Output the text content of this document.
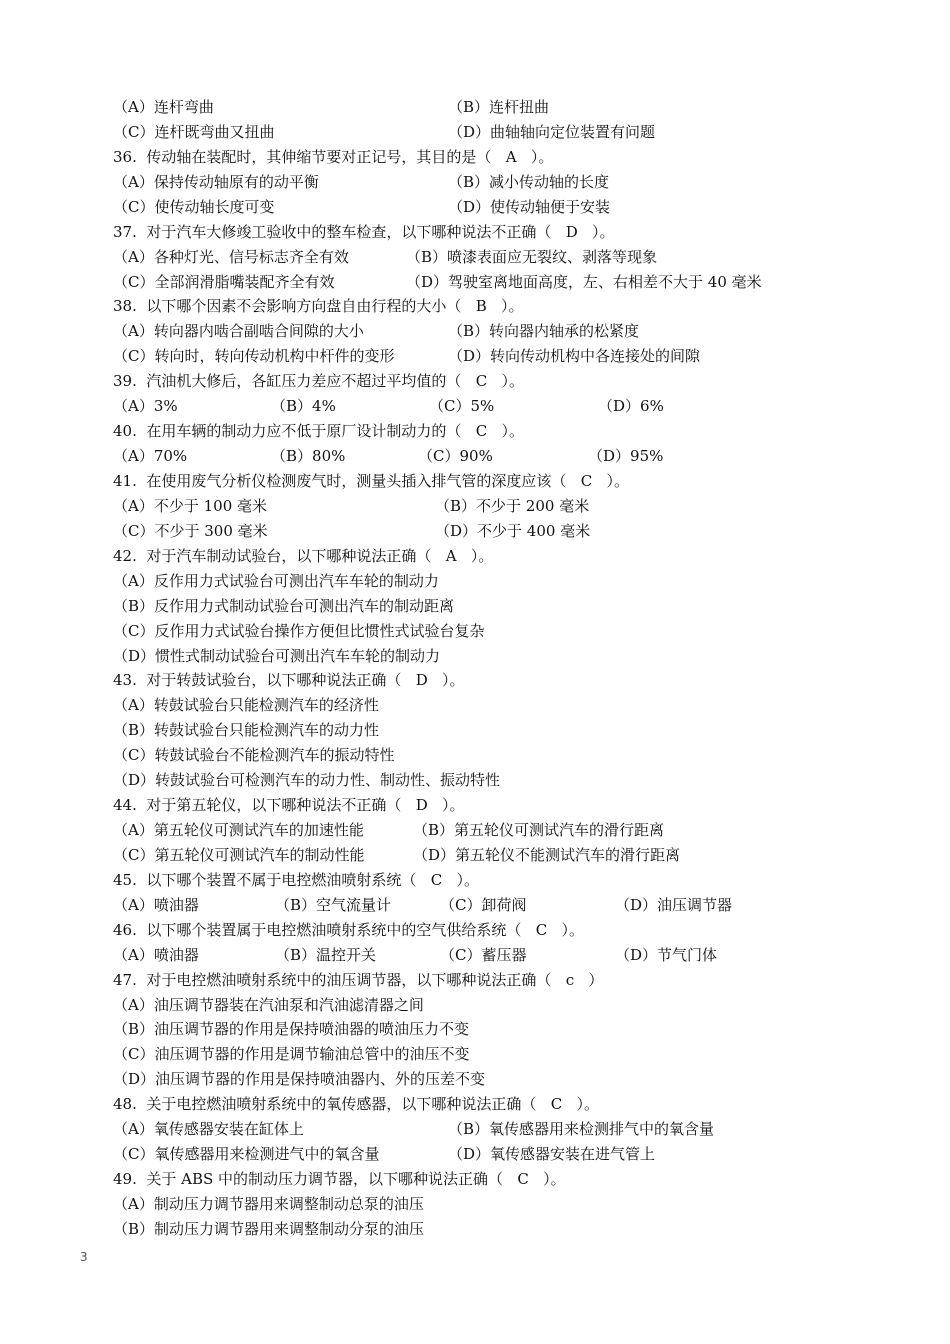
（A）连杆弯曲	（B）连杆扭曲
（C）连杆既弯曲又扭曲	（D）曲轴轴向定位装置有问题
36.  传动轴在装配时，其伸缩节要对正记号，其目的是（   A   ）。
（A）保持传动轴原有的动平衡	（B）减小传动轴的长度
（C）使传动轴长度可变	（D）使传动轴便于安装
37.  对于汽车大修竣工验收中的整车检查，以下哪种说法不正确（   D   ）。
（A）各种灯光、信号标志齐全有效	（B）喷漆表面应无裂纹、剥落等现象
（C）全部润滑脂嘴装配齐全有效	（D）驾驶室离地面高度，左、右相差不大于 40 毫米
38.  以下哪个因素不会影响方向盘自由行程的大小（   B   ）。
（A）转向器内啮合副啮合间隙的大小	（B）转向器内轴承的松紧度
（C）转向时，转向传动机构中杆件的变形	（D）转向传动机构中各连接处的间隙
39.  汽油机大修后，各缸压力差应不超过平均值的（   C   ）。
（A）3%	（B）4%	（C）5%	（D）6%
40.  在用车辆的制动力应不低于原厂设计制动力的（   C   ）。
（A）70%	（B）80%	（C）90%	（D）95%
41.  在使用废气分析仪检测废气时，测量头插入排气管的深度应该（   C   ）。
（A）不少于 100 毫米	（B）不少于 200 毫米
（C）不少于 300 毫米	（D）不少于 400 毫米
42.  对于汽车制动试验台，以下哪种说法正确（   A   ）。
（A）反作用力式试验台可测出汽车车轮的制动力
（B）反作用力式制动试验台可测出汽车的制动距离
（C）反作用力式试验台操作方便但比惯性式试验台复杂
（D）惯性式制动试验台可测出汽车车轮的制动力
43.  对于转鼓试验台，以下哪种说法正确（   D   ）。
（A）转鼓试验台只能检测汽车的经济性
（B）转鼓试验台只能检测汽车的动力性
（C）转鼓试验台不能检测汽车的振动特性
（D）转鼓试验台可检测汽车的动力性、制动性、振动特性
44.  对于第五轮仪，以下哪种说法不正确（   D   ）。
（A）第五轮仪可测试汽车的加速性能	（B）第五轮仪可测试汽车的滑行距离
（C）第五轮仪可测试汽车的制动性能	（D）第五轮仪不能测试汽车的滑行距离
45.  以下哪个装置不属于电控燃油喷射系统（   C   ）。
（A）喷油器	（B）空气流量计	（C）卸荷阀	（D）油压调节器
46.  以下哪个装置属于电控燃油喷射系统中的空气供给系统（   C   ）。
（A）喷油器	（B）温控开关	（C）蓄压器	（D）节气门体
47.  对于电控燃油喷射系统中的油压调节器，以下哪种说法正确（   c   ）
（A）油压调节器装在汽油泵和汽油滤清器之间
（B）油压调节器的作用是保持喷油器的喷油压力不变
（C）油压调节器的作用是调节输油总管中的油压不变
（D）油压调节器的作用是保持喷油器内、外的压差不变
48.  关于电控燃油喷射系统中的氧传感器，以下哪种说法正确（   C   ）。
（A）氧传感器安装在缸体上	（B）氧传感器用来检测排气中的氧含量
（C）氧传感器用来检测进气中的氧含量	（D）氧传感器安装在进气管上
49.  关于 ABS 中的制动压力调节器，以下哪种说法正确（   C   ）。
（A）制动压力调节器用来调整制动总泵的油压
（B）制动压力调节器用来调整制动分泵的油压
3
